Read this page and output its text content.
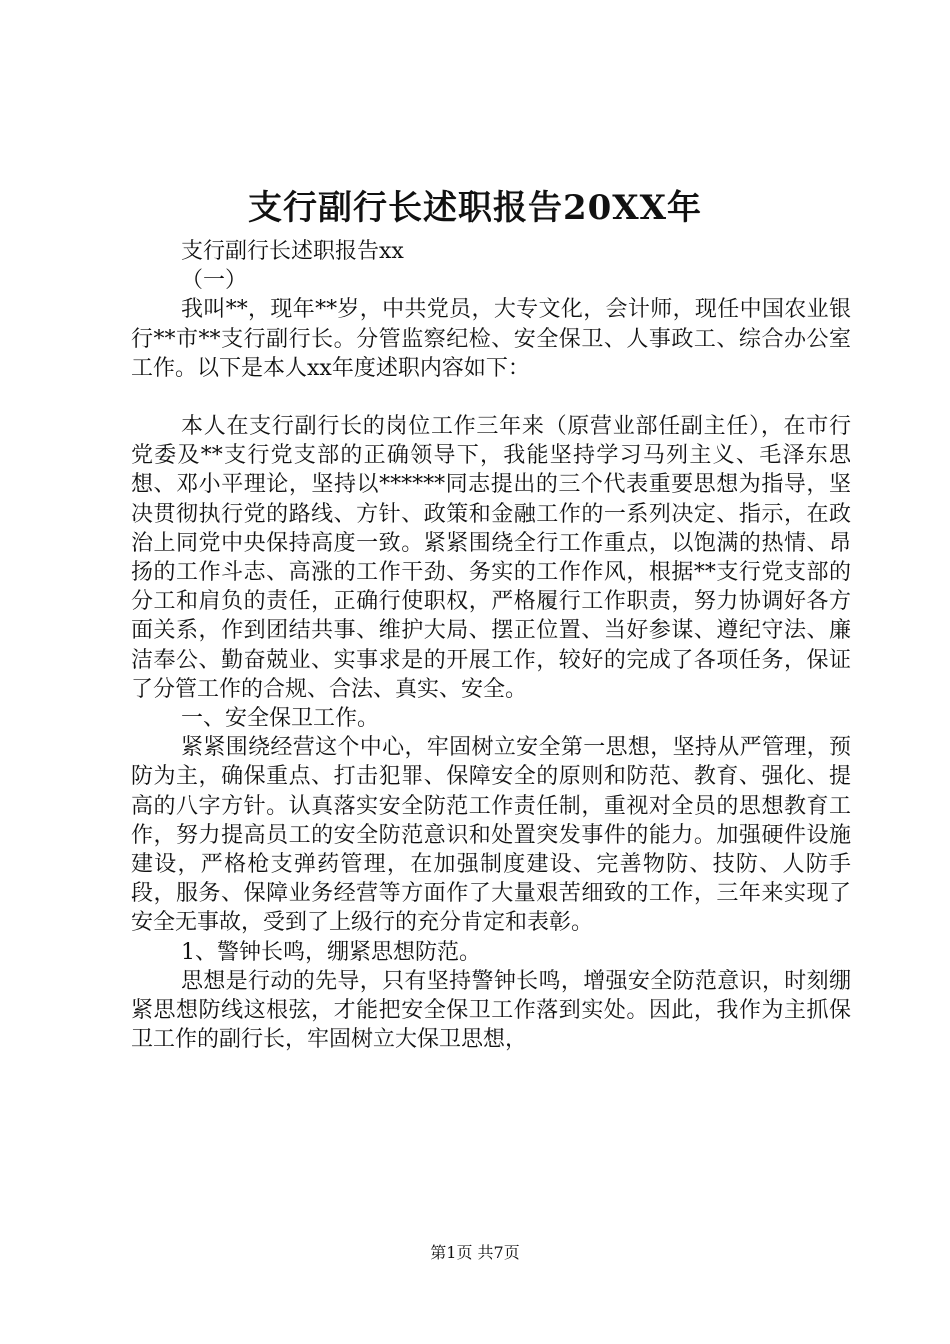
支行副行长述职报告20XX年

支行副行长述职报告xx

（一）

我叫**，现年**岁，中共党员，大专文化，会计师，现任中国农业银行**市**支行副行长。分管监察纪检、安全保卫、人事政工、综合办公室工作。以下是本人xx年度述职内容如下：

本人在支行副行长的岗位工作三年来（原营业部任副主任），在市行党委及**支行党支部的正确领导下，我能坚持学习马列主义、毛泽东思想、邓小平理论，坚持以******同志提出的三个代表重要思想为指导，坚决贯彻执行党的路线、方针、政策和金融工作的一系列决定、指示，在政治上同党中央保持高度一致。紧紧围绕全行工作重点，以饱满的热情、昂扬的工作斗志、高涨的工作干劲、务实的工作作风，根据**支行党支部的分工和肩负的责任，正确行使职权，严格履行工作职责，努力协调好各方面关系，作到团结共事、维护大局、摆正位置、当好参谋、遵纪守法、廉洁奉公、勤奋兢业、实事求是的开展工作，较好的完成了各项任务，保证了分管工作的合规、合法、真实、安全。

一、安全保卫工作。

紧紧围绕经营这个中心，牢固树立安全第一思想，坚持从严管理，预防为主，确保重点、打击犯罪、保障安全的原则和防范、教育、强化、提高的八字方针。认真落实安全防范工作责任制，重视对全员的思想教育工作，努力提高员工的安全防范意识和处置突发事件的能力。加强硬件设施建设，严格枪支弹药管理，在加强制度建设、完善物防、技防、人防手段，服务、保障业务经营等方面作了大量艰苦细致的工作，三年来实现了安全无事故，受到了上级行的充分肯定和表彰。

1、警钟长鸣，绷紧思想防范。

思想是行动的先导，只有坚持警钟长鸣，增强安全防范意识，时刻绷紧思想防线这根弦，才能把安全保卫工作落到实处。因此，我作为主抓保卫工作的副行长，牢固树立大保卫思想，

第1页 共7页
